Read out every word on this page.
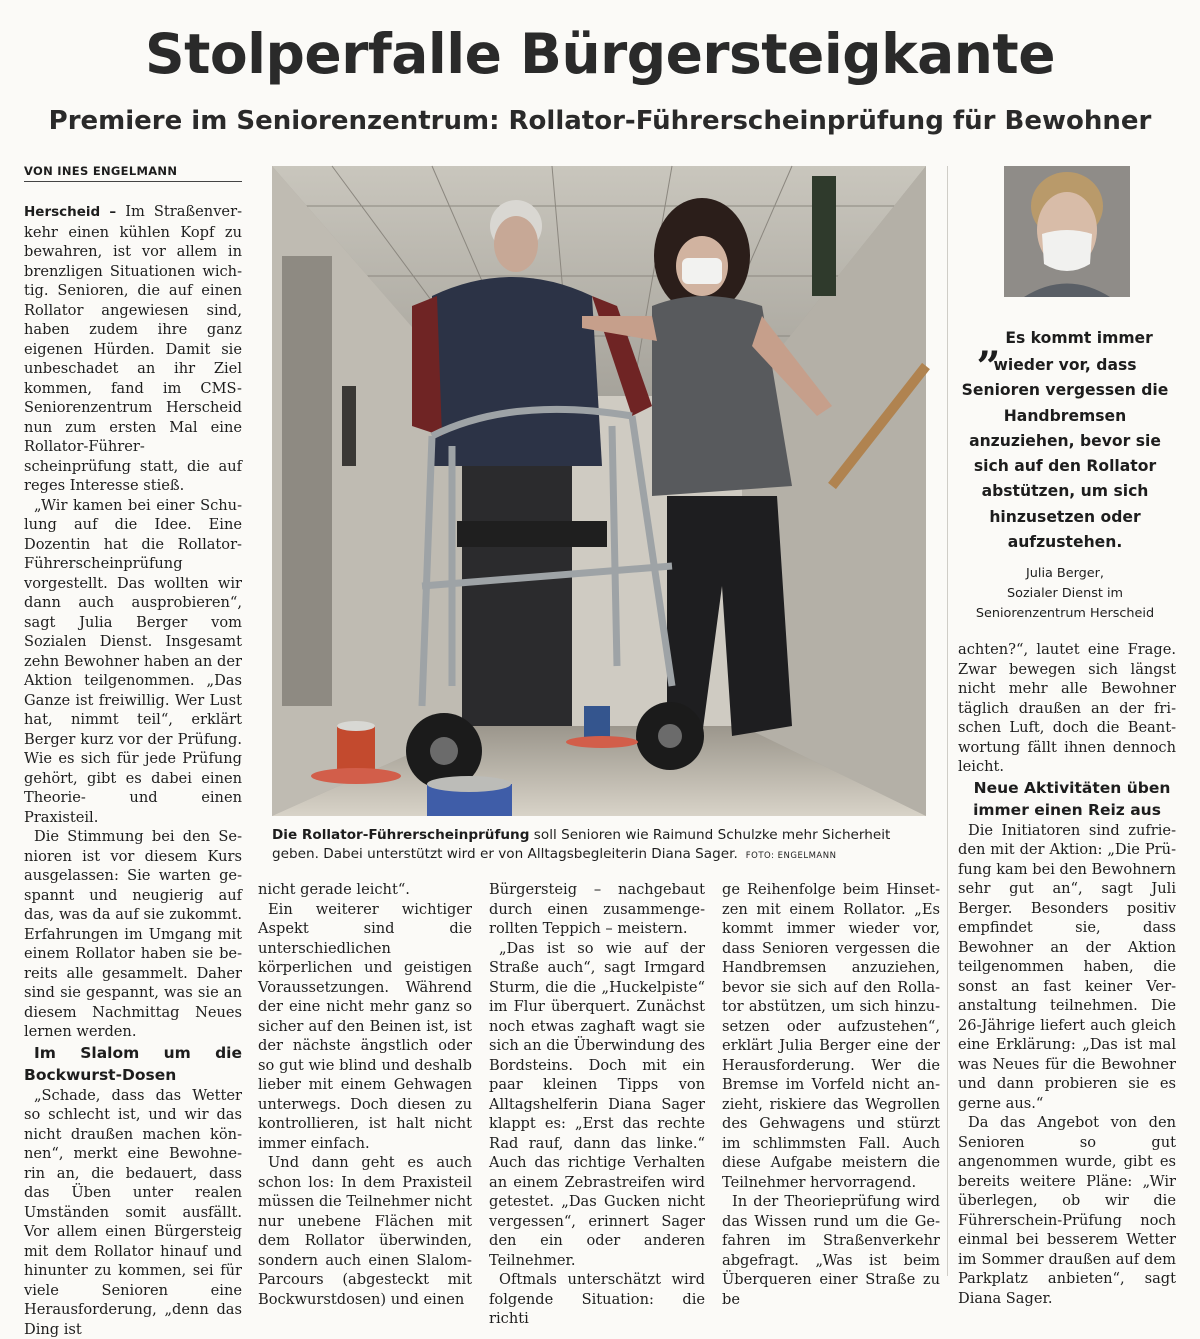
Stolperfalle Bürgersteigkante
Premiere im Seniorenzentrum: Rollator-Führerscheinprüfung für Bewohner
VON INES ENGELMANN

Herscheid – Im Straßenverkehr einen kühlen Kopf zu bewahren, ist vor allem in brenzligen Situationen wichtig. Senioren, die auf einen Rollator angewiesen sind, haben zudem ihre ganz eigenen Hürden. Damit sie unbeschadet an ihr Ziel kommen, fand im CMS-Seniorenzentrum Herscheid nun zum ersten Mal eine Rollator-Führerscheinprüfung statt, die auf reges Interesse stieß.

„Wir kamen bei einer Schulung auf die Idee. Eine Dozentin hat die Rollator-Führerscheinprüfung vorgestellt. Das wollten wir dann auch ausprobieren“, sagt Julia Berger vom Sozialen Dienst. Insgesamt zehn Bewohner haben an der Aktion teilgenommen. „Das Ganze ist freiwillig. Wer Lust hat, nimmt teil“, erklärt Berger kurz vor der Prüfung. Wie es sich für jede Prüfung gehört, gibt es dabei einen Theorie- und einen Praxisteil.

Die Stimmung bei den Senioren ist vor diesem Kurs ausgelassen: Sie warten gespannt und neugierig auf das, was da auf sie zukommt. Erfahrungen im Umgang mit einem Rollator haben sie bereits alle gesammelt. Daher sind sie gespannt, was sie an diesem Nachmittag Neues lernen werden.

Im Slalom um die Bockwurst-Dosen

„Schade, dass das Wetter so schlecht ist, und wir das nicht draußen machen können“, merkt eine Bewohnerin an, die bedauert, dass das Üben unter realen Umständen somit ausfällt. Vor allem einen Bürgersteig mit dem Rollator hinauf und hinunter zu kommen, sei für viele Senioren eine Herausforderung, „denn das Ding ist

Die Rollator-Führerscheinprüfung soll Senioren wie Raimund Schulzke mehr Sicherheit geben. Dabei unterstützt wird er von Alltagsbegleiterin Diana Sager. FOTO: ENGELMANN

nicht gerade leicht“.

Ein weiterer wichtiger Aspekt sind die unterschiedlichen körperlichen und geistigen Voraussetzungen. Während der eine nicht mehr ganz so sicher auf den Beinen ist, ist der nächste ängstlich oder so gut wie blind und deshalb lieber mit einem Gehwagen unterwegs. Doch diesen zu kontrollieren, ist halt nicht immer einfach.

Und dann geht es auch schon los: In dem Praxisteil müssen die Teilnehmer nicht nur unebene Flächen mit dem Rollator überwinden, sondern auch einen Slalom-Parcours (abgesteckt mit Bockwurstdosen) und einen

Bürgersteig – nachgebaut durch einen zusammengerollten Teppich – meistern.

„Das ist so wie auf der Straße auch“, sagt Irmgard Sturm, die die „Huckelpiste“ im Flur überquert. Zunächst noch etwas zaghaft wagt sie sich an die Überwindung des Bordsteins. Doch mit ein paar kleinen Tipps von Alltagshelferin Diana Sager klappt es: „Erst das rechte Rad rauf, dann das linke.“ Auch das richtige Verhalten an einem Zebrastreifen wird getestet. „Das Gucken nicht vergessen“, erinnert Sager den ein oder anderen Teilnehmer.

Oftmals unterschätzt wird folgende Situation: die richti

ge Reihenfolge beim Hinsetzen mit einem Rollator. „Es kommt immer wieder vor, dass Senioren vergessen die Handbremsen anzuziehen, bevor sie sich auf den Rollator abstützen, um sich hinzusetzen oder aufzustehen“, erklärt Julia Berger eine der Herausforderung. Wer die Bremse im Vorfeld nicht anzieht, riskiere das Wegrollen des Gehwagens und stürzt im schlimmsten Fall. Auch diese Aufgabe meistern die Teilnehmer hervorragend.

In der Theorieprüfung wird das Wissen rund um die Gefahren im Straßenverkehr abgefragt. „Was ist beim Überqueren einer Straße zu be

„ Es kommt immer wieder vor, dass Senioren vergessen die Handbremsen anzuziehen, bevor sie sich auf den Rollator abstützen, um sich hinzusetzen oder aufzustehen.
Julia Berger,
Sozialer Dienst im Seniorenzentrum Herscheid

achten?“, lautet eine Frage. Zwar bewegen sich längst nicht mehr alle Bewohner täglich draußen an der frischen Luft, doch die Beantwortung fällt ihnen dennoch leicht.

Neue Aktivitäten üben immer einen Reiz aus

Die Initiatoren sind zufrieden mit der Aktion: „Die Prüfung kam bei den Bewohnern sehr gut an“, sagt Juli Berger. Besonders positiv empfindet sie, dass Bewohner an der Aktion teilgenommen haben, die sonst an fast keiner Veranstaltung teilnehmen. Die 26-Jährige liefert auch gleich eine Erklärung: „Das ist mal was Neues für die Bewohner und dann probieren sie es gerne aus.“

Da das Angebot von den Senioren so gut angenommen wurde, gibt es bereits weitere Pläne: „Wir überlegen, ob wir die Führerschein-Prüfung noch einmal bei besserem Wetter im Sommer draußen auf dem Parkplatz anbieten“, sagt Diana Sager.
